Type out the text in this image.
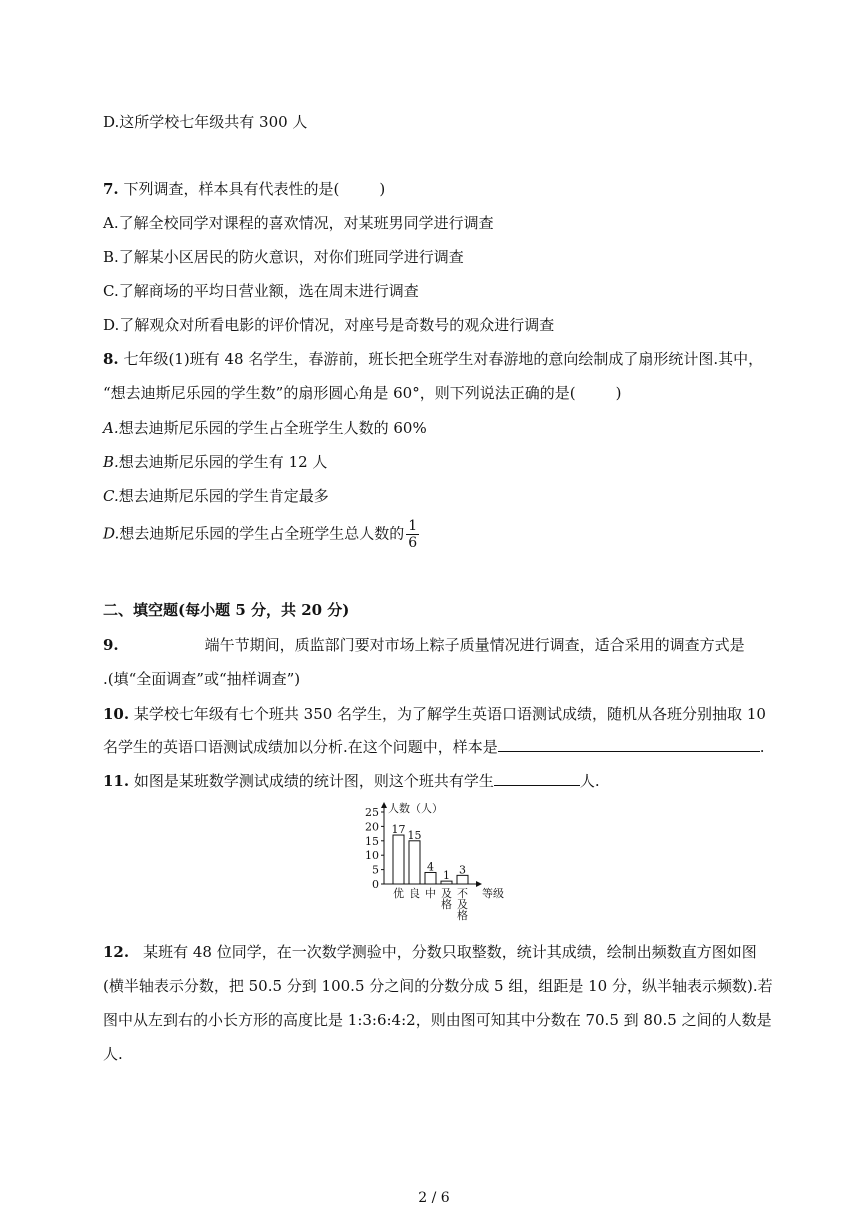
D.这所学校七年级共有 300 人
7. 下列调查，样本具有代表性的是(	)
A.了解全校同学对课程的喜欢情况，对某班男同学进行调查
B.了解某小区居民的防火意识，对你们班同学进行调查
C.了解商场的平均日营业额，选在周末进行调查
D.了解观众对所看电影的评价情况，对座号是奇数号的观众进行调查
8. 七年级(1)班有 48 名学生，春游前，班长把全班学生对春游地的意向绘制成了扇形统计图.其中，
“想去迪斯尼乐园的学生数”的扇形圆心角是 60°，则下列说法正确的是(	)
A.想去迪斯尼乐园的学生占全班学生人数的 60%
B.想去迪斯尼乐园的学生有 12 人
C.想去迪斯尼乐园的学生肯定最多
D.想去迪斯尼乐园的学生占全班学生总人数的 $\frac{1}{6}$
二、填空题(每小题 5 分，共 20 分)
9.	端午节期间，质监部门要对市场上粽子质量情况进行调查，适合采用的调查方式是
.(填“全面调查”或“抽样调查”)
10. 某学校七年级有七个班共 350 名学生，为了解学生英语口语测试成绩，随机从各班分别抽取 10
名学生的英语口语测试成绩加以分析.在这个问题中，样本是	.
11. 如图是某班数学测试成绩的统计图，则这个班共有学生	人.
人数（人）
0
5
10
15
20
25
17
优
15
良
4
中
1
及
格
3
不
及
格
等级
12. 某班有 48 位同学，在一次数学测验中，分数只取整数，统计其成绩，绘制出频数直方图如图
(横半轴表示分数，把 50.5 分到 100.5 分之间的分数分成 5 组，组距是 10 分，纵半轴表示频数).若
图中从左到右的小长方形的高度比是 1:3:6:4:2，则由图可知其中分数在 70.5 到 80.5 之间的人数是
人.
2 / 6
